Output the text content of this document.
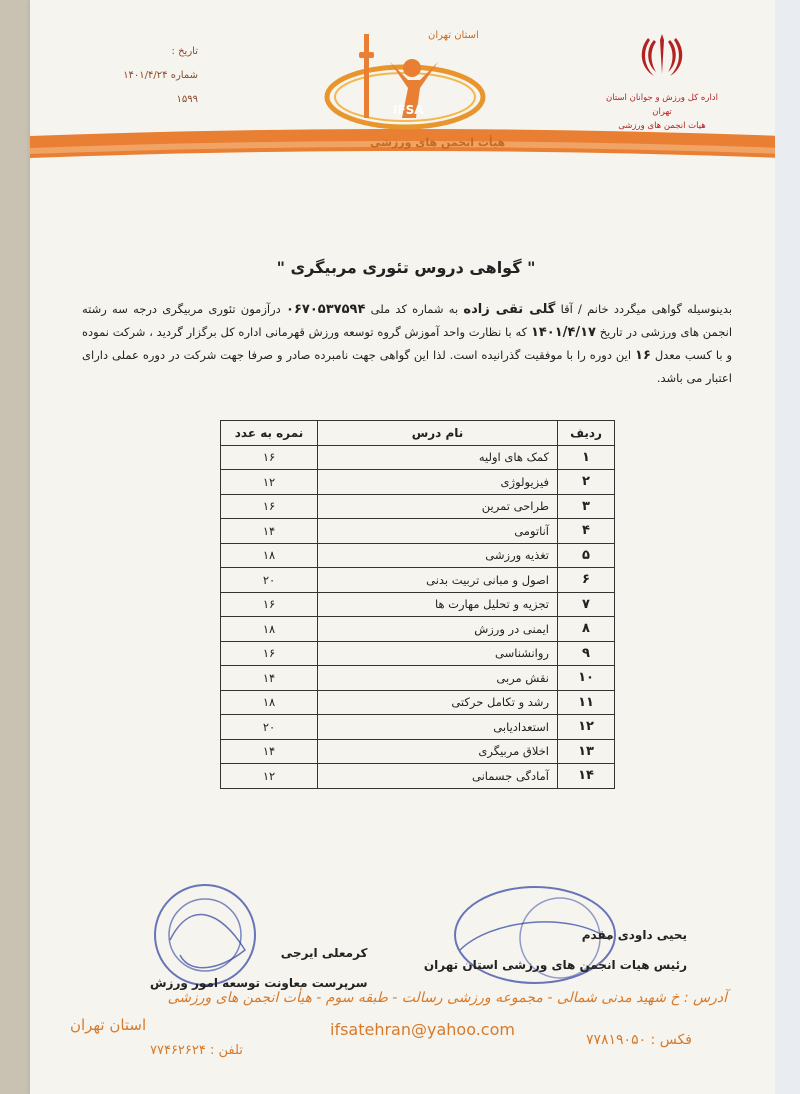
اداره کل ورزش و جوانان استان تهران
هیات انجمن های ورزشی
تاریخ :
شماره ۱۴۰۱/۴/۲۴
۱۵۹۹
IFSA
استان تهران
هیأت انجمن های ورزشی
" گواهی دروس تئوری مربیگری "
بدینوسیله گواهی میگردد خانم / آقا گلی تقی زاده به شماره کد ملی ۰۶۷۰۵۳۷۵۹۴ درآزمون تئوری مربیگری درجه سه رشته انجمن های ورزشی در تاریخ ۱۴۰۱/۴/۱۷ که با نظارت واحد آموزش گروه توسعه ورزش قهرمانی اداره کل برگزار گردید ، شرکت نموده و با کسب معدل ۱۶ این دوره را با موفقیت گذرانیده است. لذا این گواهی جهت نامبرده صادر و صرفا جهت شرکت در دوره عملی دارای اعتبار می باشد.
ردیف	نام درس	نمره به عدد
۱	کمک های اولیه	۱۶
۲	فیزیولوژی	۱۲
۳	طراحی تمرین	۱۶
۴	آناتومی	۱۴
۵	تغذیه ورزشی	۱۸
۶	اصول و مبانی تربیت بدنی	۲۰
۷	تجزیه و تحلیل مهارت ها	۱۶
۸	ایمنی در ورزش	۱۸
۹	روانشناسی	۱۶
۱۰	نقش مربی	۱۴
۱۱	رشد و تکامل حرکتی	۱۸
۱۲	استعدادیابی	۲۰
۱۳	اخلاق مربیگری	۱۴
۱۴	آمادگی جسمانی	۱۲
یحیی داودی مقدم
رئیس هیات انجمن های ورزشی استان تهران
کرمعلی ایرجی
سرپرست معاونت توسعه امور ورزش
آدرس : خ شهید مدنی شمالی - مجموعه ورزشی رسالت - طبقه سوم - هیأت انجمن های ورزشی
ifsatehran@yahoo.com
فکس : ۷۷۸۱۹۰۵۰
استان تهران
تلفن : ۷۷۴۶۲۶۲۴
